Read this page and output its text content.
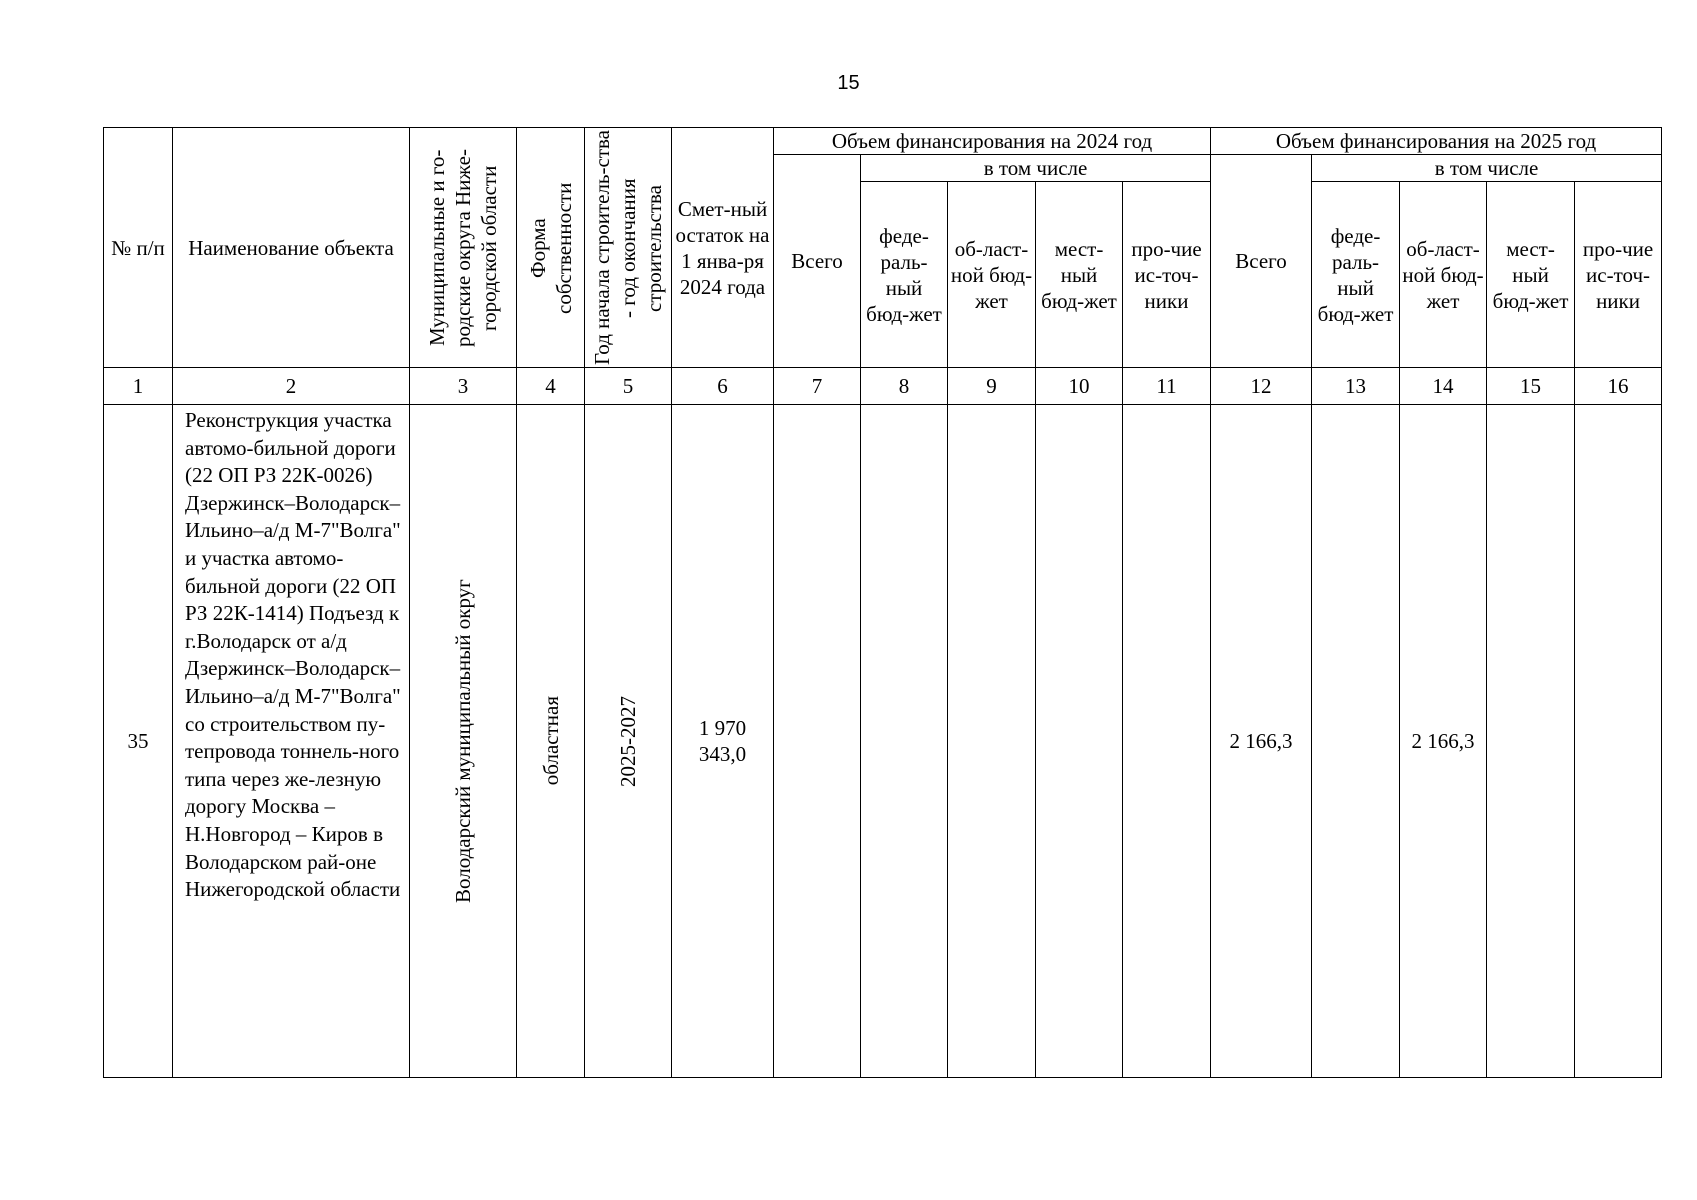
15
№ п/п	Наименование объекта	Муниципальные и го-родские округа Ниже-городской области	Форма собственности	Год начала строитель-ства - год окончания строительства	Смет-ный остаток на 1 янва-ря 2024 года	Объем финансирования на 2024 год					Объем финансирования на 2025 год				
						Всего	в том числе				Всего	в том числе			
							феде-раль-ный бюд-жет	об-ласт-ной бюд-жет	мест-ный бюд-жет	про-чие ис-точ-ники		феде-раль-ный бюд-жет	об-ласт-ной бюд-жет	мест-ный бюд-жет	про-чие ис-точ-ники
1	2	3	4	5	6	7	8	9	10	11	12	13	14	15	16
35	Реконструкция участка автомо-бильной дороги (22 ОП РЗ 22К-0026) Дзержинск–Володарск–Ильино–а/д М-7"Волга" и участка автомо-бильной дороги (22 ОП РЗ 22К-1414) Подъезд к г.Володарск от а/д Дзержинск–Володарск–Ильино–а/д М-7"Волга" со строительством пу-тепровода тоннель-ного типа через же-лезную дорогу Москва – Н.Новгород – Киров в Володарском рай-оне Нижегородской области	Володарский муниципальный округ	областная	2025-2027	1 970 343,0						2 166,3		2 166,3		
